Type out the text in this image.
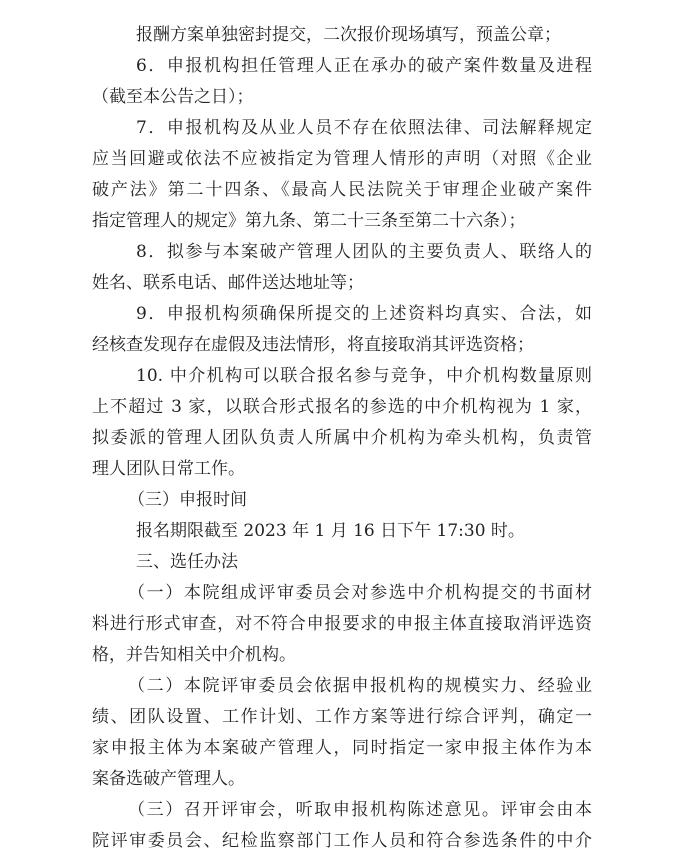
报酬方案单独密封提交，二次报价现场填写，预盖公章；
6．申报机构担任管理人正在承办的破产案件数量及进程
（截至本公告之日）；
7．申报机构及从业人员不存在依照法律、司法解释规定
应当回避或依法不应被指定为管理人情形的声明（对照《企业
破产法》第二十四条、《最高人民法院关于审理企业破产案件
指定管理人的规定》第九条、第二十三条至第二十六条）；
8．拟参与本案破产管理人团队的主要负责人、联络人的
姓名、联系电话、邮件送达地址等；
9．申报机构须确保所提交的上述资料均真实、合法，如
经核查发现存在虚假及违法情形，将直接取消其评选资格；
10. 中介机构可以联合报名参与竞争，中介机构数量原则
上不超过 3 家，以联合形式报名的参选的中介机构视为 1 家，
拟委派的管理人团队负责人所属中介机构为牵头机构，负责管
理人团队日常工作。
（三）申报时间
报名期限截至 2023 年 1 月 16 日下午 17:30 时。
三、选任办法
（一）本院组成评审委员会对参选中介机构提交的书面材
料进行形式审查，对不符合申报要求的申报主体直接取消评选资
格，并告知相关中介机构。
（二）本院评审委员会依据申报机构的规模实力、经验业
绩、团队设置、工作计划、工作方案等进行综合评判，确定一
家申报主体为本案破产管理人，同时指定一家申报主体作为本
案备选破产管理人。
（三）召开评审会，听取申报机构陈述意见。评审会由本
院评审委员会、纪检监察部门工作人员和符合参选条件的中介
